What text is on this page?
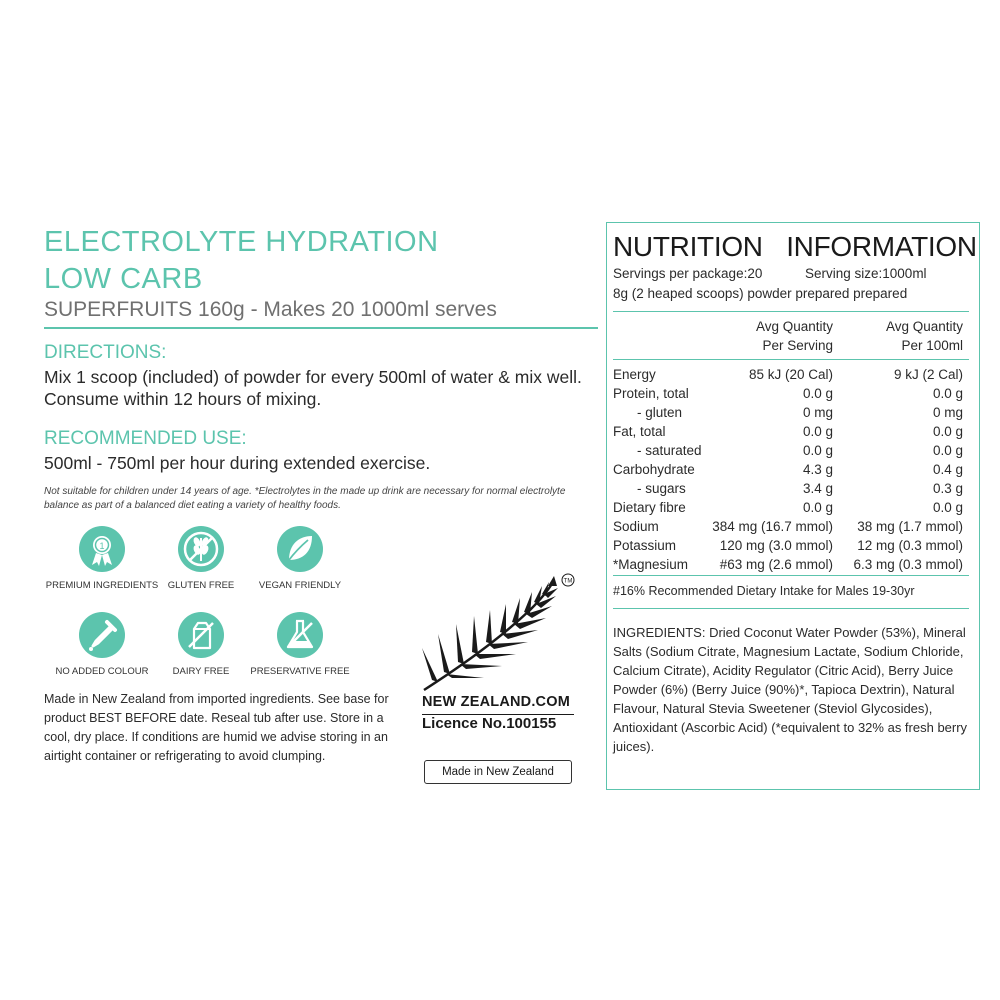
ELECTROLYTE HYDRATION
LOW CARB
SUPERFRUITS 160g - Makes 20 1000ml serves
DIRECTIONS:
Mix 1 scoop (included) of powder for every 500ml of water & mix well. Consume within 12 hours of mixing.
RECOMMENDED USE:
500ml - 750ml per hour during extended exercise.
Not suitable for children under 14 years of age. *Electrolytes in the made up drink are necessary for normal electrolyte balance as part of a balanced diet eating a variety of healthy foods.
1
PREMIUM INGREDIENTS	GLUTEN FREE	VEGAN FRIENDLY
NO ADDED COLOUR	DAIRY FREE	PRESERVATIVE FREE
Made in New Zealand from imported ingredients. See base for product BEST BEFORE date. Reseal tub after use. Store in a cool, dry place. If conditions are humid we advise storing in an airtight container or refrigerating to avoid clumping.
TM
NEW ZEALAND.COM
Licence No.100155
Made in New Zealand
NUTRITION INFORMATION
Servings per package:20	Serving size:1000ml
8g (2 heaped scoops) powder prepared prepared
Avg Quantity
Per Serving
Avg Quantity
Per 100ml
Energy	85 kJ (20 Cal)	9 kJ (2 Cal)
Protein, total	0.0 g	0.0 g
- gluten	0 mg	0 mg
Fat, total	0.0 g	0.0 g
- saturated	0.0 g	0.0 g
Carbohydrate	4.3 g	0.4 g
- sugars	3.4 g	0.3 g
Dietary fibre	0.0 g	0.0 g
Sodium	384 mg (16.7 mmol) 38 mg (1.7 mmol)
Potassium	120 mg (3.0 mmol) 12 mg (0.3 mmol)
*Magnesium #63 mg (2.6 mmol) 6.3 mg (0.3 mmol)
#16% Recommended Dietary Intake for Males 19-30yr
INGREDIENTS: Dried Coconut Water Powder (53%), Mineral Salts (Sodium Citrate, Magnesium Lactate, Sodium Chloride, Calcium Citrate), Acidity Regulator (Citric Acid), Berry Juice Powder (6%) (Berry Juice (90%)*, Tapioca Dextrin), Natural Flavour, Natural Stevia Sweetener (Steviol Glycosides), Antioxidant (Ascorbic Acid) (*equivalent to 32% as fresh berry juices).
